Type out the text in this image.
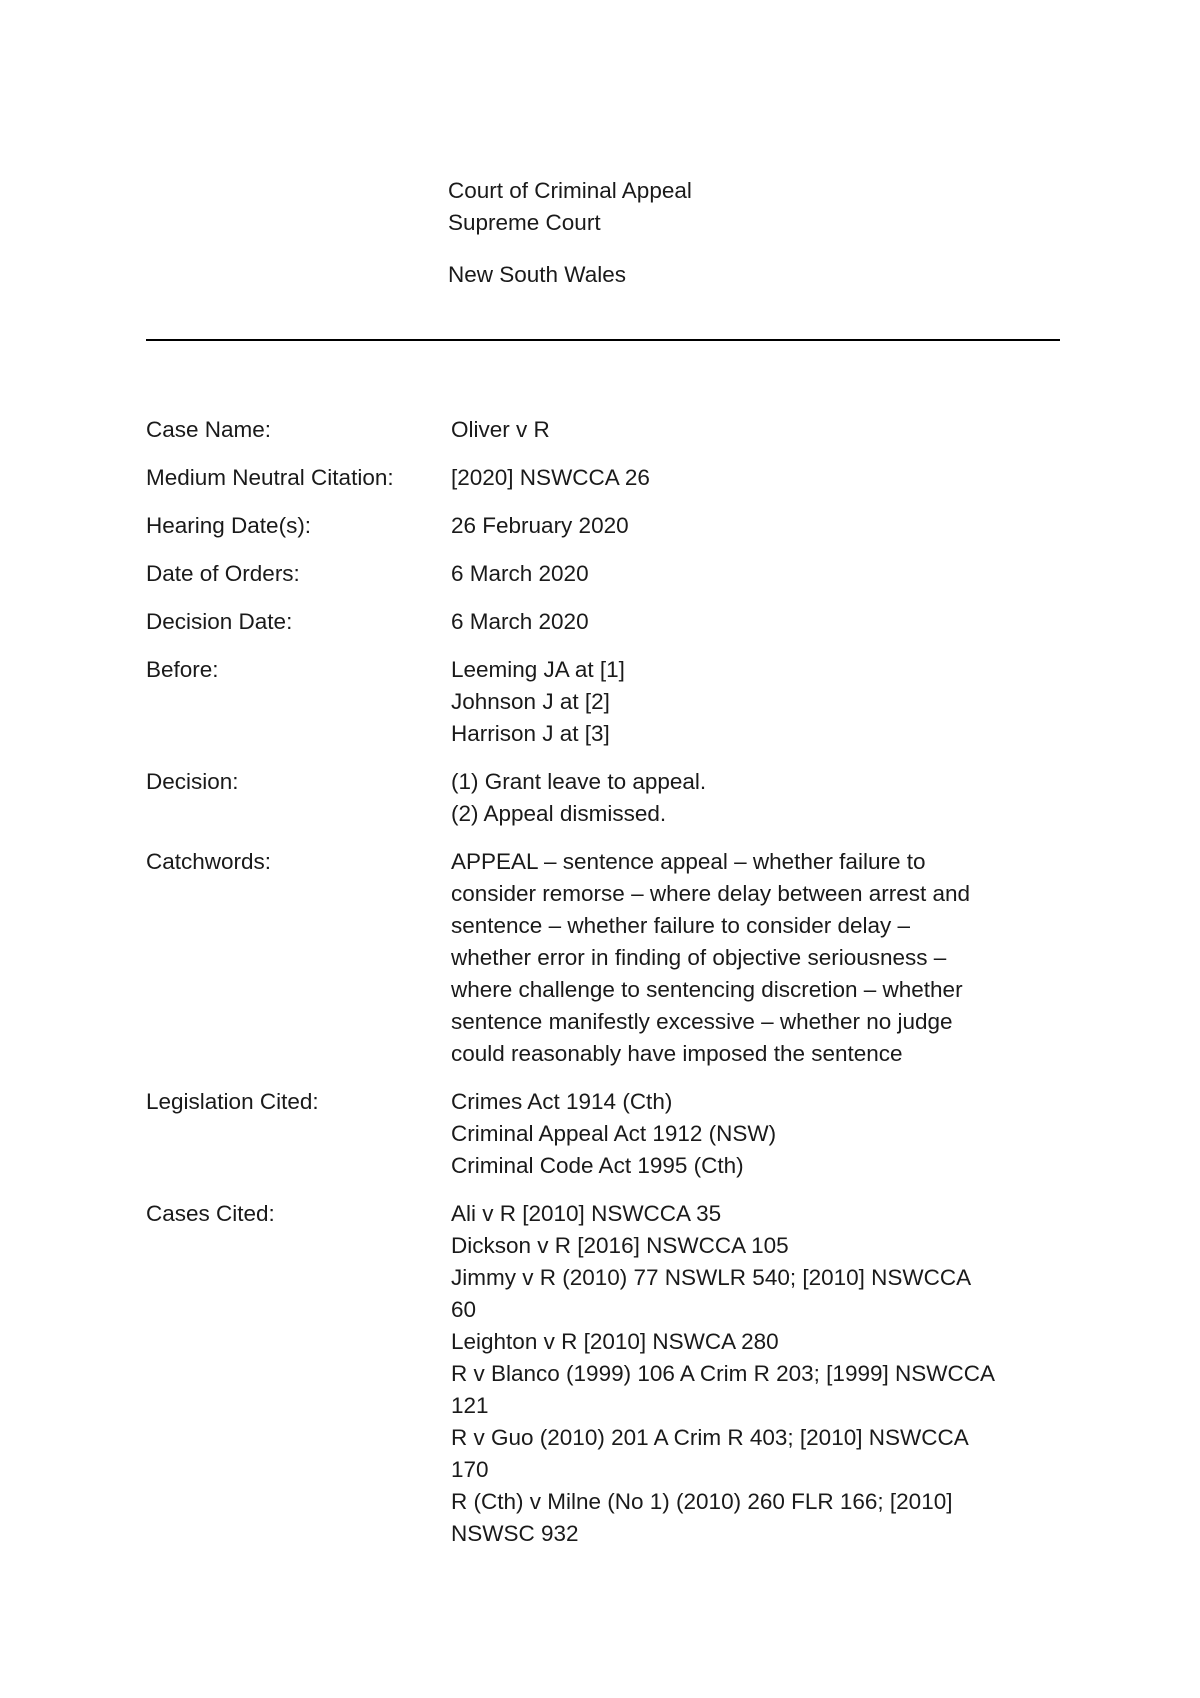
Court of Criminal Appeal
Supreme Court
New South Wales
Case Name:	Oliver v R
Medium Neutral Citation:	[2020] NSWCCA 26
Hearing Date(s):	26 February 2020
Date of Orders:	6 March 2020
Decision Date:	6 March 2020
Before:	Leeming JA at [1]
Johnson J at [2]
Harrison J at [3]
Decision:	(1) Grant leave to appeal.
(2) Appeal dismissed.
Catchwords:	APPEAL – sentence appeal – whether failure to
consider remorse – where delay between arrest and
sentence – whether failure to consider delay –
whether error in finding of objective seriousness –
where challenge to sentencing discretion – whether
sentence manifestly excessive – whether no judge
could reasonably have imposed the sentence
Legislation Cited:	Crimes Act 1914 (Cth)
Criminal Appeal Act 1912 (NSW)
Criminal Code Act 1995 (Cth)
Cases Cited:	Ali v R [2010] NSWCCA 35
Dickson v R [2016] NSWCCA 105
Jimmy v R (2010) 77 NSWLR 540; [2010] NSWCCA
60
Leighton v R [2010] NSWCA 280
R v Blanco (1999) 106 A Crim R 203; [1999] NSWCCA
121
R v Guo (2010) 201 A Crim R 403; [2010] NSWCCA
170
R (Cth) v Milne (No 1) (2010) 260 FLR 166; [2010]
NSWSC 932
